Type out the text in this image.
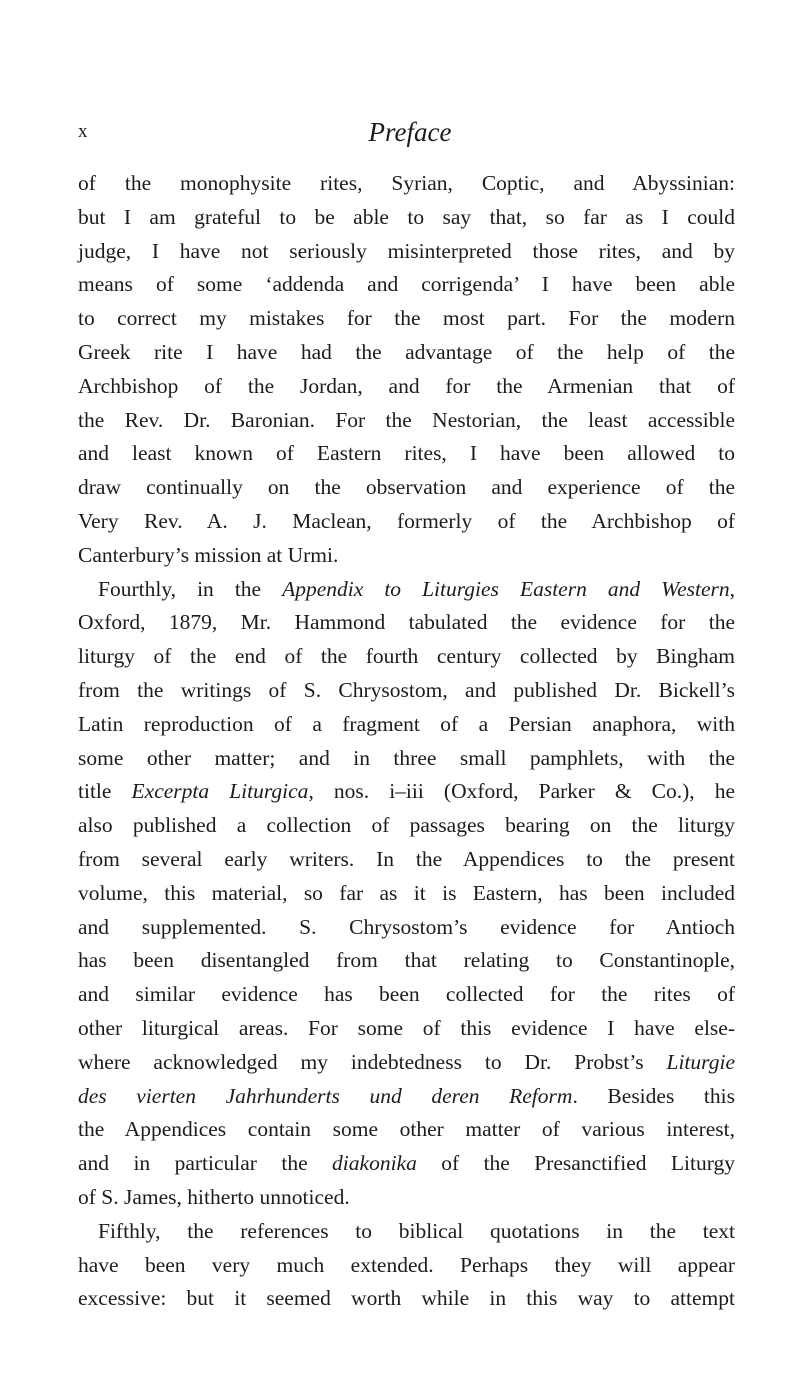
x	Preface
of the monophysite rites, Syrian, Coptic, and Abyssinian:
but I am grateful to be able to say that, so far as I could
judge, I have not seriously misinterpreted those rites, and by
means of some ‘addenda and corrigenda’ I have been able
to correct my mistakes for the most part. For the modern
Greek rite I have had the advantage of the help of the
Archbishop of the Jordan, and for the Armenian that of
the Rev. Dr. Baronian. For the Nestorian, the least accessible
and least known of Eastern rites, I have been allowed to
draw continually on the observation and experience of the
Very Rev. A. J. Maclean, formerly of the Archbishop of
Canterbury’s mission at Urmi.
Fourthly, in the Appendix to Liturgies Eastern and Western,
Oxford, 1879, Mr. Hammond tabulated the evidence for the
liturgy of the end of the fourth century collected by Bingham
from the writings of S. Chrysostom, and published Dr. Bickell’s
Latin reproduction of a fragment of a Persian anaphora, with
some other matter; and in three small pamphlets, with the
title Excerpta Liturgica, nos. i–iii (Oxford, Parker & Co.), he
also published a collection of passages bearing on the liturgy
from several early writers. In the Appendices to the present
volume, this material, so far as it is Eastern, has been included
and supplemented. S. Chrysostom’s evidence for Antioch
has been disentangled from that relating to Constantinople,
and similar evidence has been collected for the rites of
other liturgical areas. For some of this evidence I have else-
where acknowledged my indebtedness to Dr. Probst’s Liturgie
des vierten Jahrhunderts und deren Reform. Besides this
the Appendices contain some other matter of various interest,
and in particular the diakonika of the Presanctified Liturgy
of S. James, hitherto unnoticed.
Fifthly, the references to biblical quotations in the text
have been very much extended. Perhaps they will appear
excessive: but it seemed worth while in this way to attempt
